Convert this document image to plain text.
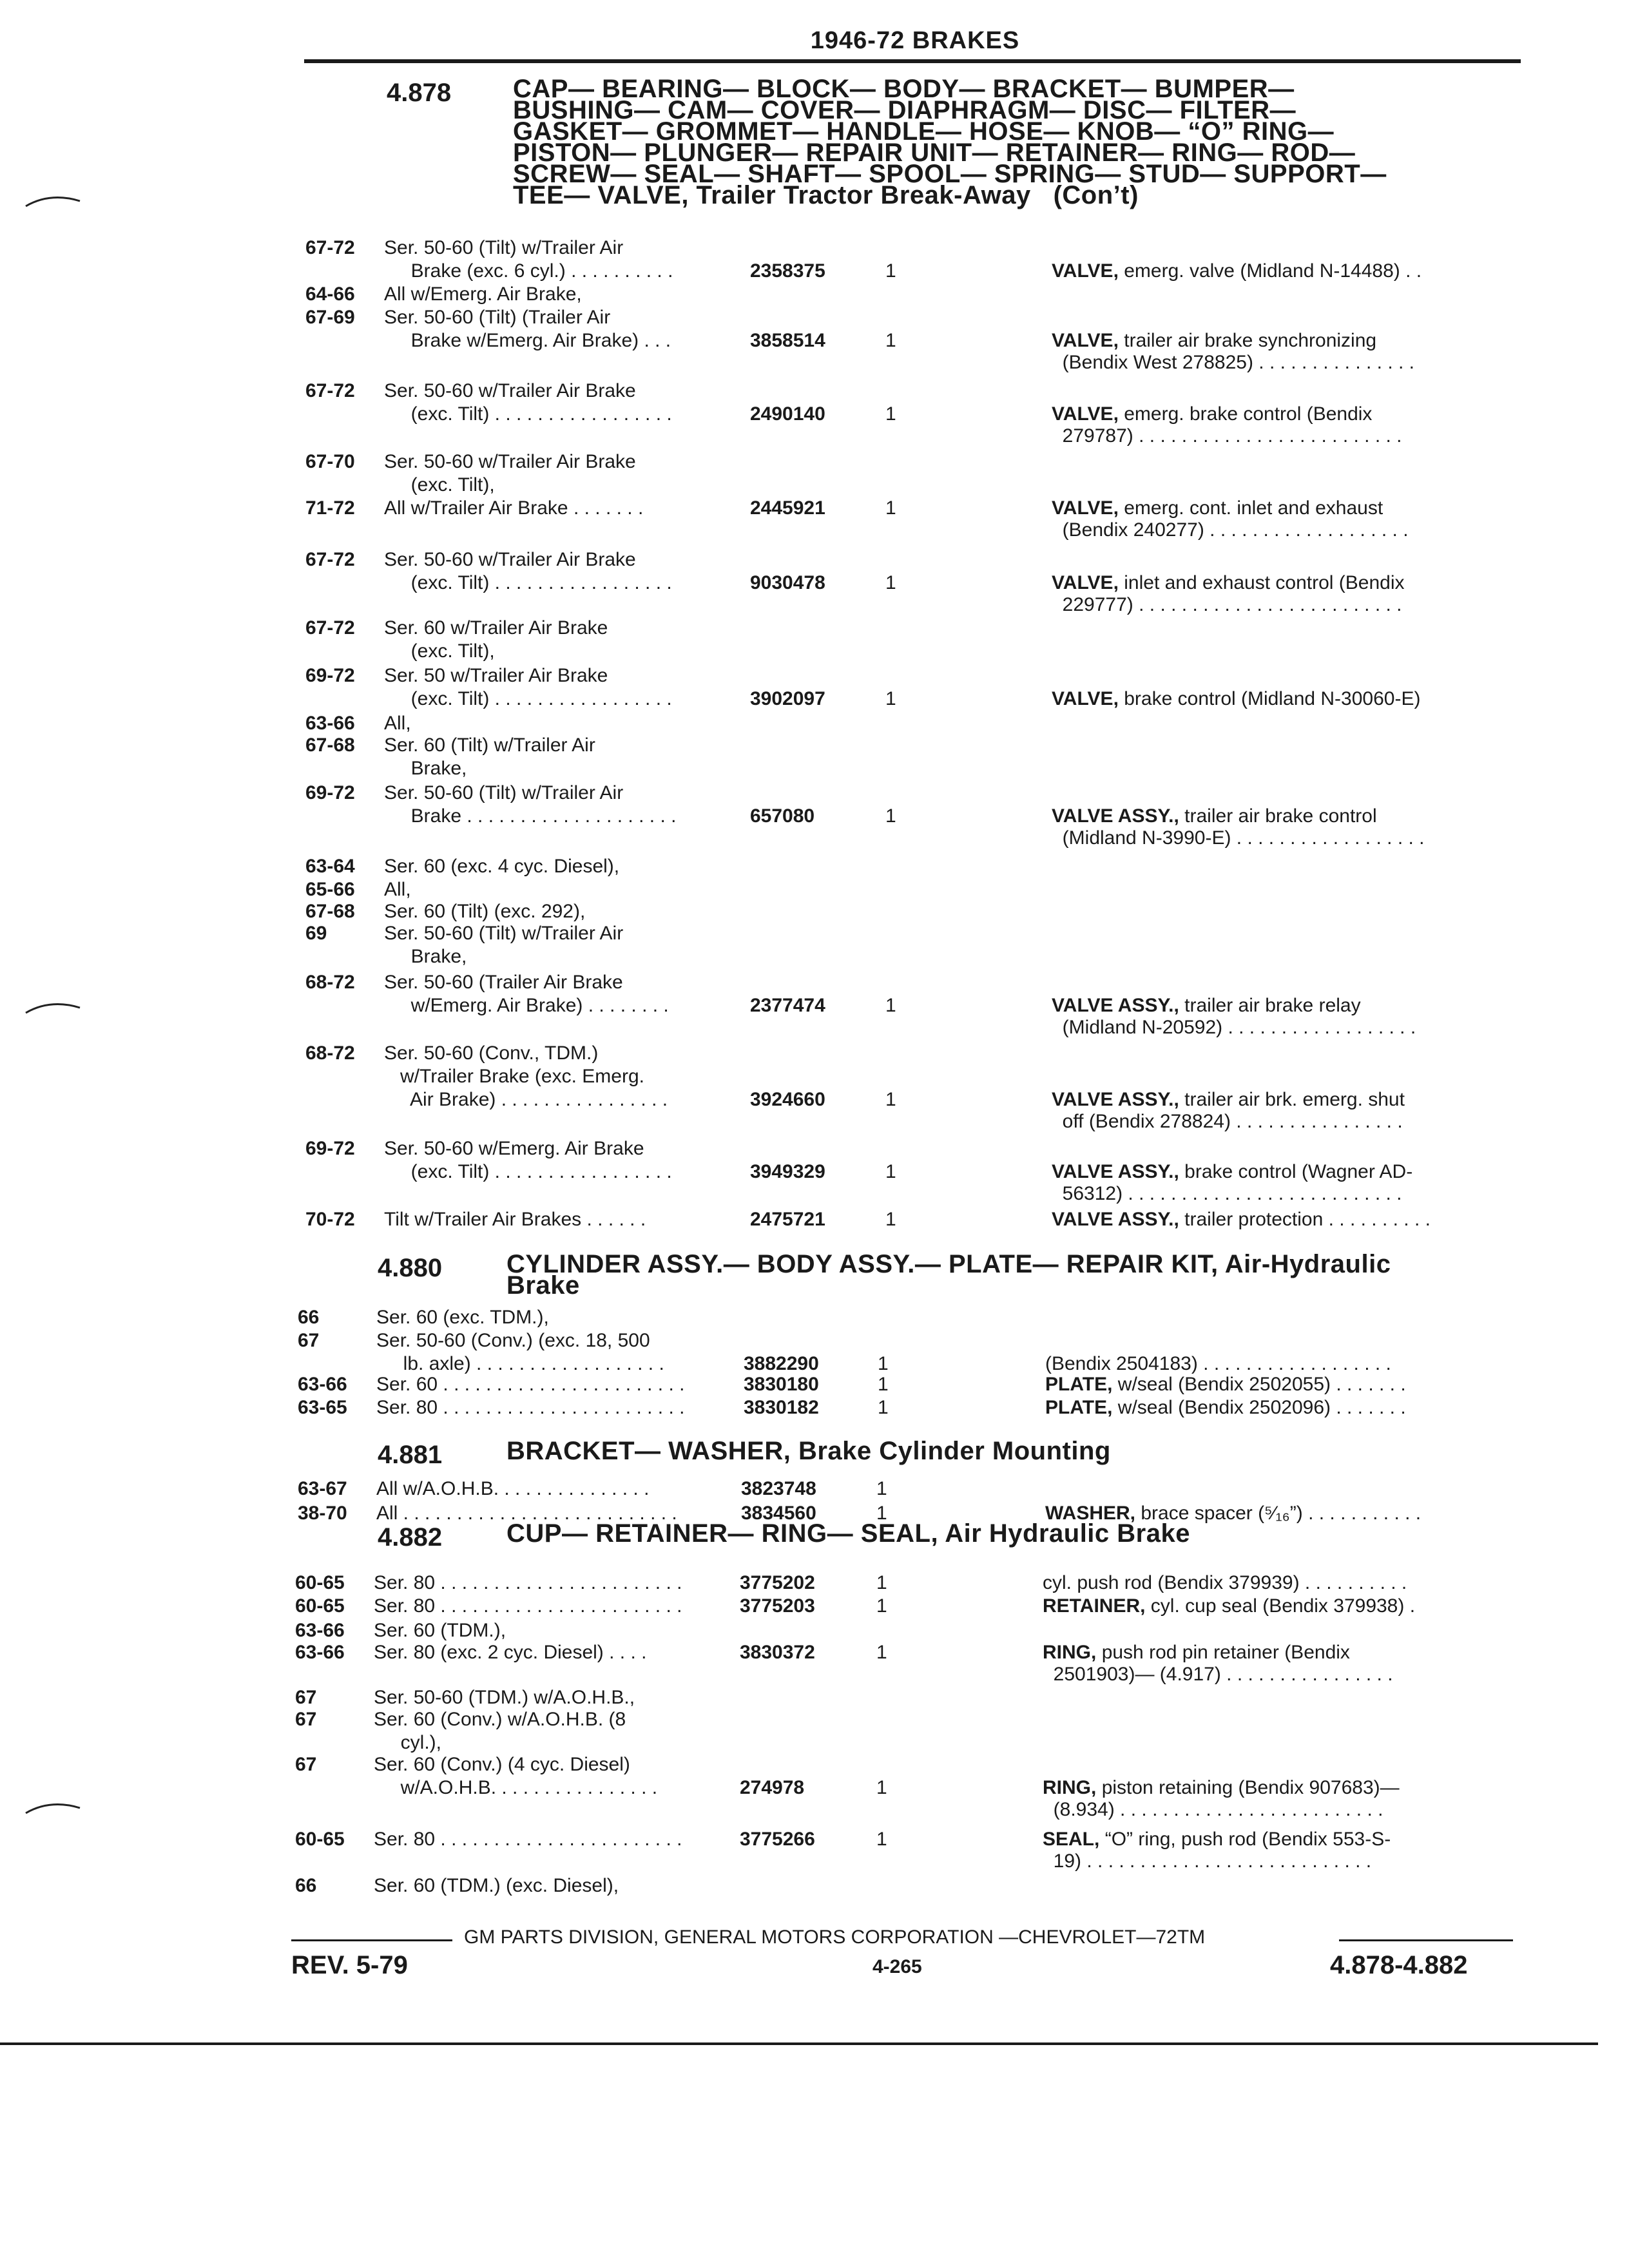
1946-72 BRAKES
4.878 CAP— BEARING— BLOCK— BODY— BRACKET— BUMPER—
BUSHING— CAM— COVER— DIAPHRAGM— DISC— FILTER—
GASKET— GROMMET— HANDLE— HOSE— KNOB— “O” RING—
PISTON— PLUNGER— REPAIR UNIT— RETAINER— RING— ROD—
SCREW— SEAL— SHAFT— SPOOL— SPRING— STUD— SUPPORT—
TEE— VALVE, Trailer Tractor Break-Away   (Con’t)
4.880 CYLINDER ASSY.— BODY ASSY.— PLATE— REPAIR KIT, Air-Hydraulic
Brake
4.881 BRACKET— WASHER, Brake Cylinder Mounting
4.882 CUP— RETAINER— RING— SEAL, Air Hydraulic Brake
67-72 Ser. 50-60 (Tilt) w/Trailer Air
Brake (exc. 6 cyl.) . . . . . . . . . .	2358375	1	VALVE, emerg. valve (Midland N-14488) . .
64-66 All w/Emerg. Air Brake,
67-69 Ser. 50-60 (Tilt) (Trailer Air
Brake w/Emerg. Air Brake) . . .	3858514	1	VALVE, trailer air brake synchronizing
(Bendix West 278825) . . . . . . . . . . . . . . .
67-72 Ser. 50-60 w/Trailer Air Brake
(exc. Tilt) . . . . . . . . . . . . . . . . .	2490140	1	VALVE, emerg. brake control (Bendix
279787) . . . . . . . . . . . . . . . . . . . . . . . . .
67-70 Ser. 50-60 w/Trailer Air Brake
(exc. Tilt),
71-72 All w/Trailer Air Brake . . . . . . .	2445921	1	VALVE, emerg. cont. inlet and exhaust
(Bendix 240277) . . . . . . . . . . . . . . . . . . .
67-72 Ser. 50-60 w/Trailer Air Brake
(exc. Tilt) . . . . . . . . . . . . . . . . .	9030478	1	VALVE, inlet and exhaust control (Bendix
229777) . . . . . . . . . . . . . . . . . . . . . . . . .
67-72 Ser. 60 w/Trailer Air Brake
(exc. Tilt),
69-72 Ser. 50 w/Trailer Air Brake
(exc. Tilt) . . . . . . . . . . . . . . . . .	3902097	1	VALVE, brake control (Midland N-30060-E)
63-66 All,
67-68 Ser. 60 (Tilt) w/Trailer Air
Brake,
69-72 Ser. 50-60 (Tilt) w/Trailer Air
Brake . . . . . . . . . . . . . . . . . . . .	657080	1	VALVE ASSY., trailer air brake control
(Midland N-3990-E) . . . . . . . . . . . . . . . . . .
63-64 Ser. 60 (exc. 4 cyc. Diesel),
65-66 All,
67-68 Ser. 60 (Tilt) (exc. 292),
69	Ser. 50-60 (Tilt) w/Trailer Air
Brake,
68-72 Ser. 50-60 (Trailer Air Brake
w/Emerg. Air Brake) . . . . . . . .	2377474	1	VALVE ASSY., trailer air brake relay
(Midland N-20592) . . . . . . . . . . . . . . . . . .
68-72 Ser. 50-60 (Conv., TDM.)
w/Trailer Brake (exc. Emerg.
Air Brake) . . . . . . . . . . . . . . . .	3924660	1	VALVE ASSY., trailer air brk. emerg. shut
off (Bendix 278824) . . . . . . . . . . . . . . . .
69-72 Ser. 50-60 w/Emerg. Air Brake
(exc. Tilt) . . . . . . . . . . . . . . . . .	3949329	1	VALVE ASSY., brake control (Wagner AD-
56312) . . . . . . . . . . . . . . . . . . . . . . . . . .
70-72 Tilt w/Trailer Air Brakes . . . . . .	2475721	1	VALVE ASSY., trailer protection . . . . . . . . . .
66	Ser. 60 (exc. TDM.),
67	Ser. 50-60 (Conv.) (exc. 18, 500
lb. axle) . . . . . . . . . . . . . . . . . .	3882290	1	(Bendix 2504183) . . . . . . . . . . . . . . . . . .
63-66 Ser. 60 . . . . . . . . . . . . . . . . . . . . . . .	3830180	1	PLATE, w/seal (Bendix 2502055) . . . . . . .
63-65 Ser. 80 . . . . . . . . . . . . . . . . . . . . . . .	3830182	1	PLATE, w/seal (Bendix 2502096) . . . . . . .
63-67 All w/A.O.H.B. . . . . . . . . . . . . . .	3823748	1
38-70 All . . . . . . . . . . . . . . . . . . . . . . . . . .	3834560	1	WASHER, brace spacer (⁵⁄₁₆”) . . . . . . . . . . .
60-65 Ser. 80 . . . . . . . . . . . . . . . . . . . . . . .	3775202	1	cyl. push rod (Bendix 379939) . . . . . . . . . .
60-65 Ser. 80 . . . . . . . . . . . . . . . . . . . . . . .	3775203	1	RETAINER, cyl. cup seal (Bendix 379938) .
63-66 Ser. 60 (TDM.),
63-66 Ser. 80 (exc. 2 cyc. Diesel) . . . .	3830372	1	RING, push rod pin retainer (Bendix
2501903)— (4.917) . . . . . . . . . . . . . . . .
67	Ser. 50-60 (TDM.) w/A.O.H.B.,
67	Ser. 60 (Conv.) w/A.O.H.B. (8
cyl.),
67	Ser. 60 (Conv.) (4 cyc. Diesel)
w/A.O.H.B. . . . . . . . . . . . . . . .	274978	1	RING, piston retaining (Bendix 907683)—
(8.934) . . . . . . . . . . . . . . . . . . . . . . . . .
60-65 Ser. 80 . . . . . . . . . . . . . . . . . . . . . . .	3775266	1	SEAL, “O” ring, push rod (Bendix 553-S-
19) . . . . . . . . . . . . . . . . . . . . . . . . . . .
66	Ser. 60 (TDM.) (exc. Diesel),
GM PARTS DIVISION, GENERAL MOTORS CORPORATION —CHEVROLET—72TM
REV. 5-79	4-265	4.878-4.882
